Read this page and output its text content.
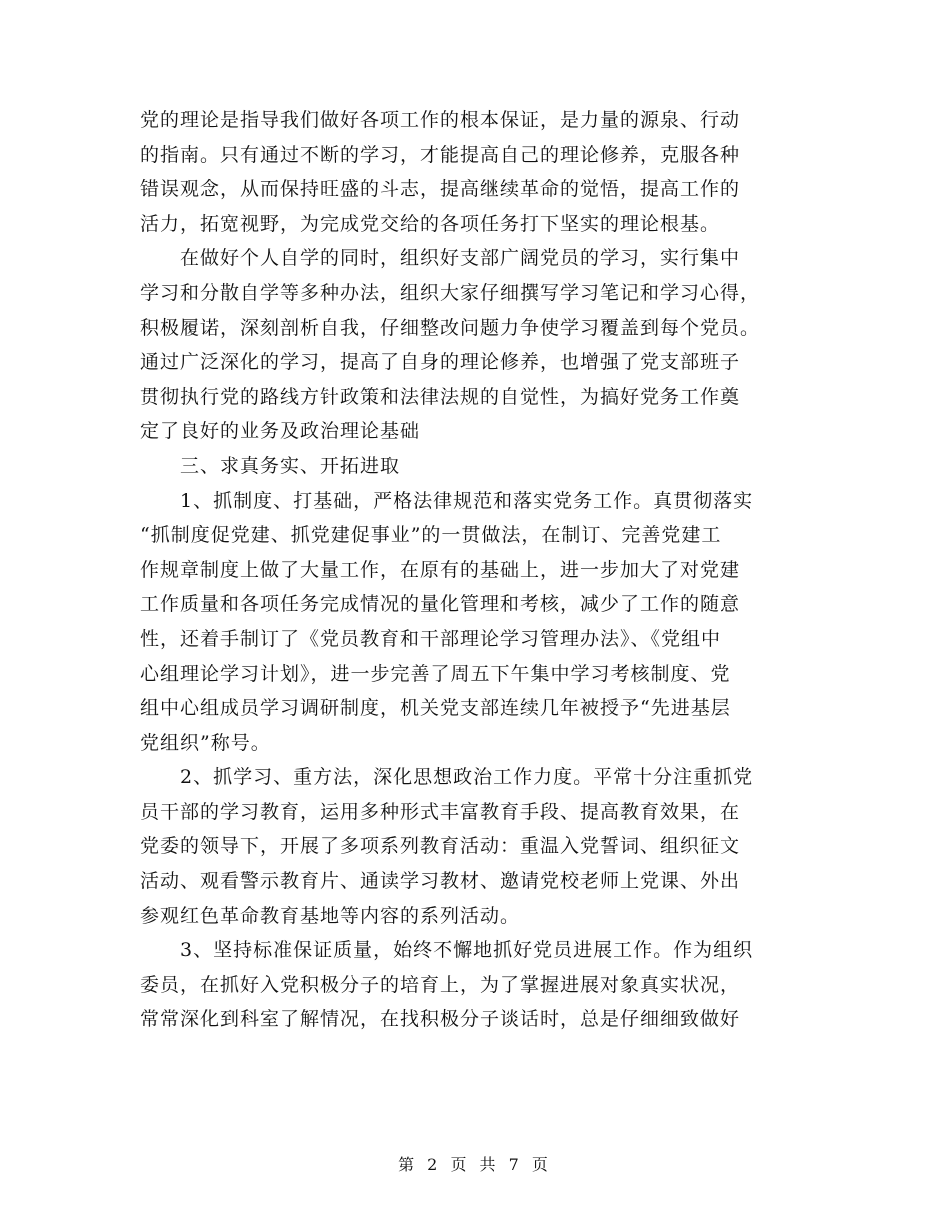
党的理论是指导我们做好各项工作的根本保证，是力量的源泉、行动
的指南。只有通过不断的学习，才能提高自己的理论修养，克服各种
错误观念，从而保持旺盛的斗志，提高继续革命的觉悟，提高工作的
活力，拓宽视野，为完成党交给的各项任务打下坚实的理论根基。
　　在做好个人自学的同时，组织好支部广阔党员的学习，实行集中
学习和分散自学等多种办法，组织大家仔细撰写学习笔记和学习心得，
积极履诺，深刻剖析自我，仔细整改问题力争使学习覆盖到每个党员。
通过广泛深化的学习，提高了自身的理论修养，也增强了党支部班子
贯彻执行党的路线方针政策和法律法规的自觉性，为搞好党务工作奠
定了良好的业务及政治理论基础
　　三、求真务实、开拓进取
　　1、抓制度、打基础，严格法律规范和落实党务工作。真贯彻落实
“抓制度促党建、抓党建促事业”的一贯做法，在制订、完善党建工
作规章制度上做了大量工作，在原有的基础上，进一步加大了对党建
工作质量和各项任务完成情况的量化管理和考核，减少了工作的随意
性，还着手制订了《党员教育和干部理论学习管理办法》、《党组中
心组理论学习计划》，进一步完善了周五下午集中学习考核制度、党
组中心组成员学习调研制度，机关党支部连续几年被授予“先进基层
党组织”称号。
　　2、抓学习、重方法，深化思想政治工作力度。平常十分注重抓党
员干部的学习教育，运用多种形式丰富教育手段、提高教育效果，在
党委的领导下，开展了多项系列教育活动：重温入党誓词、组织征文
活动、观看警示教育片、通读学习教材、邀请党校老师上党课、外出
参观红色革命教育基地等内容的系列活动。
　　3、坚持标准保证质量，始终不懈地抓好党员进展工作。作为组织
委员，在抓好入党积极分子的培育上，为了掌握进展对象真实状况，
常常深化到科室了解情况，在找积极分子谈话时，总是仔细细致做好
第 2 页 共 7 页
